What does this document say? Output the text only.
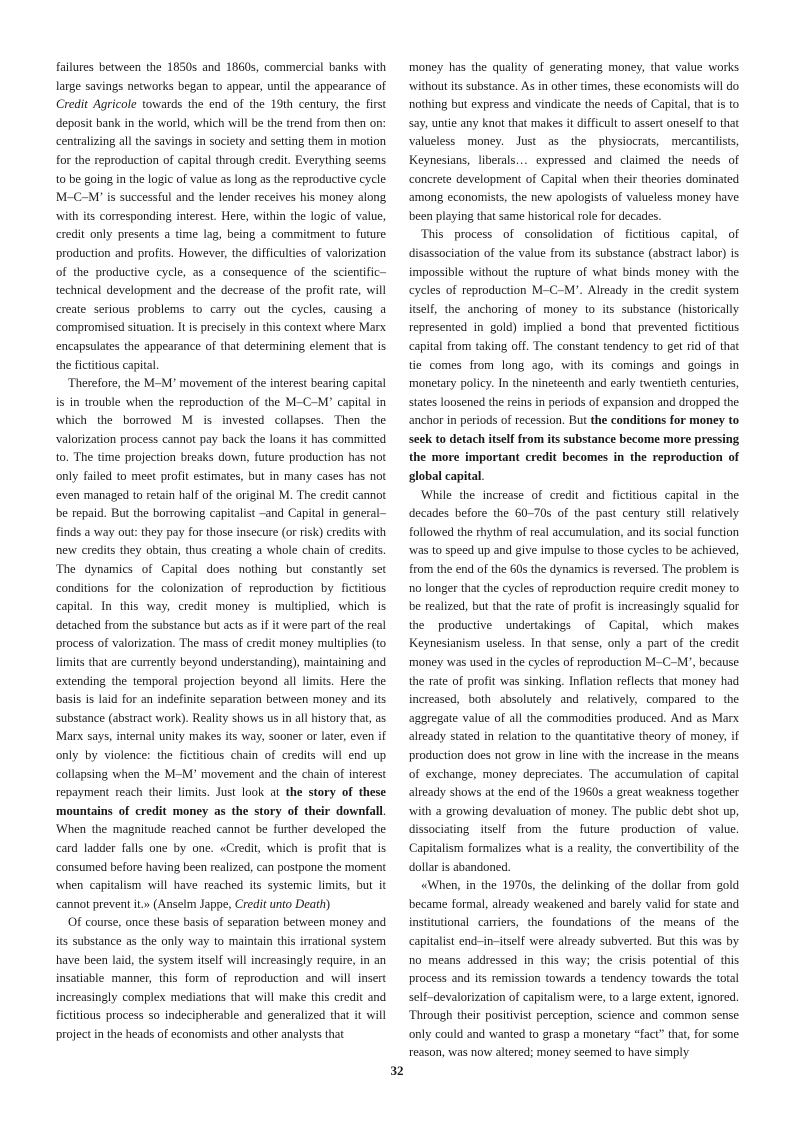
failures between the 1850s and 1860s, commercial banks with large savings networks began to appear, until the appearance of Credit Agricole towards the end of the 19th century, the first deposit bank in the world, which will be the trend from then on: centralizing all the savings in society and setting them in motion for the reproduction of capital through credit. Everything seems to be going in the logic of value as long as the reproductive cycle M–C–M’ is successful and the lender receives his money along with its corresponding interest. Here, within the logic of value, credit only presents a time lag, being a commitment to future production and profits. However, the difficulties of valorization of the productive cycle, as a consequence of the scientific–technical development and the decrease of the profit rate, will create serious problems to carry out the cycles, causing a compromised situation. It is precisely in this context where Marx encapsulates the appearance of that determining element that is the fictitious capital.

Therefore, the M–M’ movement of the interest bearing capital is in trouble when the reproduction of the M–C–M’ capital in which the borrowed M is invested collapses. Then the valorization process cannot pay back the loans it has committed to. The time projection breaks down, future production has not only failed to meet profit estimates, but in many cases has not even managed to retain half of the original M. The credit cannot be repaid. But the borrowing capitalist –and Capital in general– finds a way out: they pay for those insecure (or risk) credits with new credits they obtain, thus creating a whole chain of credits. The dynamics of Capital does nothing but constantly set conditions for the colonization of reproduction by fictitious capital. In this way, credit money is multiplied, which is detached from the substance but acts as if it were part of the real process of valorization. The mass of credit money multiplies (to limits that are currently beyond understanding), maintaining and extending the temporal projection beyond all limits. Here the basis is laid for an indefinite separation between money and its substance (abstract work). Reality shows us in all history that, as Marx says, internal unity makes its way, sooner or later, even if only by violence: the fictitious chain of credits will end up collapsing when the M–M’ movement and the chain of interest repayment reach their limits. Just look at the story of these mountains of credit money as the story of their downfall. When the magnitude reached cannot be further developed the card ladder falls one by one. «Credit, which is profit that is consumed before having been realized, can postpone the moment when capitalism will have reached its systemic limits, but it cannot prevent it.» (Anselm Jappe, Credit unto Death)

Of course, once these basis of separation between money and its substance as the only way to maintain this irrational system have been laid, the system itself will increasingly require, in an insatiable manner, this form of reproduction and will insert increasingly complex mediations that will make this credit and fictitious process so indecipherable and generalized that it will project in the heads of economists and other analysts that

money has the quality of generating money, that value works without its substance. As in other times, these economists will do nothing but express and vindicate the needs of Capital, that is to say, untie any knot that makes it difficult to assert oneself to that valueless money. Just as the physiocrats, mercantilists, Keynesians, liberals… expressed and claimed the needs of concrete development of Capital when their theories dominated among economists, the new apologists of valueless money have been playing that same historical role for decades.

This process of consolidation of fictitious capital, of disassociation of the value from its substance (abstract labor) is impossible without the rupture of what binds money with the cycles of reproduction M–C–M’. Already in the credit system itself, the anchoring of money to its substance (historically represented in gold) implied a bond that prevented fictitious capital from taking off. The constant tendency to get rid of that tie comes from long ago, with its comings and goings in monetary policy. In the nineteenth and early twentieth centuries, states loosened the reins in periods of expansion and dropped the anchor in periods of recession. But the conditions for money to seek to detach itself from its substance become more pressing the more important credit becomes in the reproduction of global capital.

While the increase of credit and fictitious capital in the decades before the 60–70s of the past century still relatively followed the rhythm of real accumulation, and its social function was to speed up and give impulse to those cycles to be achieved, from the end of the 60s the dynamics is reversed. The problem is no longer that the cycles of reproduction require credit money to be realized, but that the rate of profit is increasingly squalid for the productive undertakings of Capital, which makes Keynesianism useless. In that sense, only a part of the credit money was used in the cycles of reproduction M–C–M’, because the rate of profit was sinking. Inflation reflects that money had increased, both absolutely and relatively, compared to the aggregate value of all the commodities produced. And as Marx already stated in relation to the quantitative theory of money, if production does not grow in line with the increase in the means of exchange, money depreciates. The accumulation of capital already shows at the end of the 1960s a great weakness together with a growing devaluation of money. The public debt shot up, dissociating itself from the future production of value. Capitalism formalizes what is a reality, the convertibility of the dollar is abandoned.

«When, in the 1970s, the delinking of the dollar from gold became formal, already weakened and barely valid for state and institutional carriers, the foundations of the means of the capitalist end–in–itself were already subverted. But this was by no means addressed in this way; the crisis potential of this process and its remission towards a tendency towards the total self–devalorization of capitalism were, to a large extent, ignored. Through their positivist perception, science and common sense only could and wanted to grasp a monetary “fact” that, for some reason, was now altered; money seemed to have simply

32
